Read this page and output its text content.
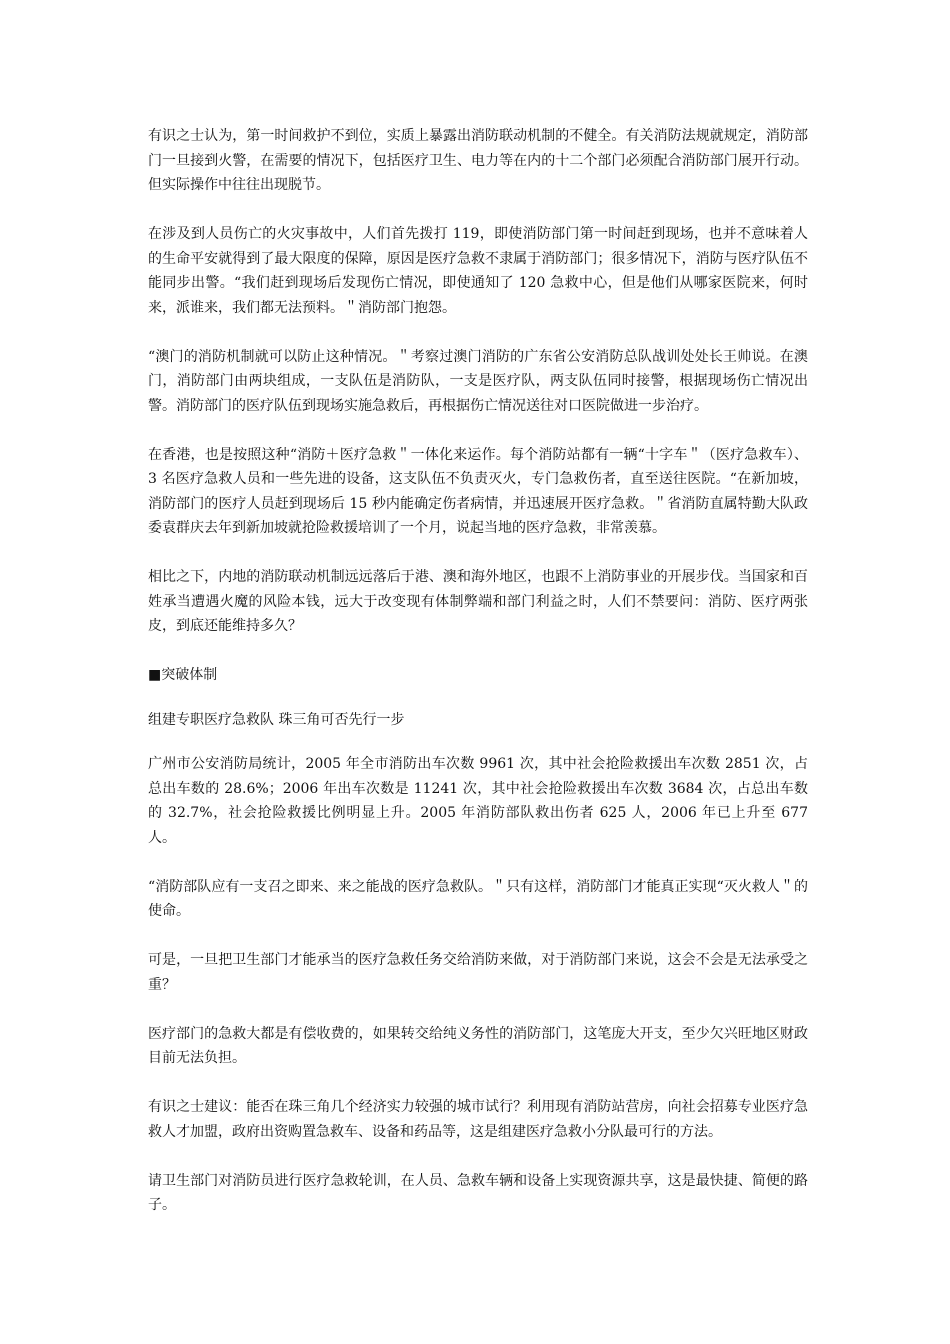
有识之士认为，第一时间救护不到位，实质上暴露出消防联动机制的不健全。有关消防法规就规定，消防部门一旦接到火警，在需要的情况下，包括医疗卫生、电力等在内的十二个部门必须配合消防部门展开行动。但实际操作中往往出现脱节。

在涉及到人员伤亡的火灾事故中，人们首先拨打 119，即使消防部门第一时间赶到现场，也并不意味着人的生命平安就得到了最大限度的保障，原因是医疗急救不隶属于消防部门；很多情况下，消防与医疗队伍不能同步出警。“我们赶到现场后发现伤亡情况，即使通知了 120 急救中心，但是他们从哪家医院来，何时来，派谁来，我们都无法预料。＂消防部门抱怨。

“澳门的消防机制就可以防止这种情况。＂考察过澳门消防的广东省公安消防总队战训处处长王帅说。在澳门，消防部门由两块组成，一支队伍是消防队，一支是医疗队，两支队伍同时接警，根据现场伤亡情况出警。消防部门的医疗队伍到现场实施急救后，再根据伤亡情况送往对口医院做进一步治疗。

在香港，也是按照这种“消防＋医疗急救＂一体化来运作。每个消防站都有一辆“十字车＂（医疗急救车）、3 名医疗急救人员和一些先进的设备，这支队伍不负责灭火，专门急救伤者，直至送往医院。“在新加坡，消防部门的医疗人员赶到现场后 15 秒内能确定伤者病情，并迅速展开医疗急救。＂省消防直属特勤大队政委袁群庆去年到新加坡就抢险救援培训了一个月，说起当地的医疗急救，非常羡慕。

相比之下，内地的消防联动机制远远落后于港、澳和海外地区，也跟不上消防事业的开展步伐。当国家和百姓承当遭遇火魔的风险本钱，远大于改变现有体制弊端和部门利益之时，人们不禁要问：消防、医疗两张皮，到底还能维持多久？

■突破体制

组建专职医疗急救队 珠三角可否先行一步

广州市公安消防局统计，2005 年全市消防出车次数 9961 次，其中社会抢险救援出车次数 2851 次，占总出车数的 28.6%；2006 年出车次数是 11241 次，其中社会抢险救援出车次数 3684 次，占总出车数的 32.7%，社会抢险救援比例明显上升。2005 年消防部队救出伤者 625 人，2006 年已上升至 677 人。

“消防部队应有一支召之即来、来之能战的医疗急救队。＂只有这样，消防部门才能真正实现“灭火救人＂的使命。

可是，一旦把卫生部门才能承当的医疗急救任务交给消防来做，对于消防部门来说，这会不会是无法承受之重？

医疗部门的急救大都是有偿收费的，如果转交给纯义务性的消防部门，这笔庞大开支，至少欠兴旺地区财政目前无法负担。

有识之士建议：能否在珠三角几个经济实力较强的城市试行？利用现有消防站营房，向社会招募专业医疗急救人才加盟，政府出资购置急救车、设备和药品等，这是组建医疗急救小分队最可行的方法。

请卫生部门对消防员进行医疗急救轮训，在人员、急救车辆和设备上实现资源共享，这是最快捷、简便的路子。
